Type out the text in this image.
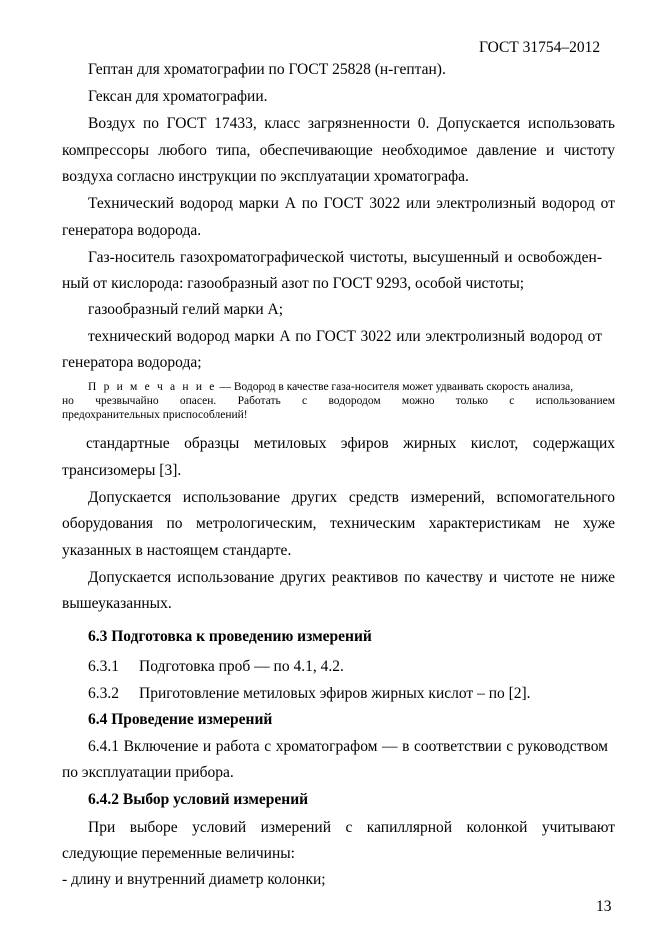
ГОСТ 31754–2012
Гептан для хроматографии по ГОСТ 25828 (н-гептан).
Гексан для хроматографии.
Воздух по ГОСТ 17433, класс загрязненности 0. Допускается использовать
компрессоры любого типа, обеспечивающие необходимое давление и чистоту
воздуха согласно инструкции по эксплуатации хроматографа.
Технический водород марки А по ГОСТ 3022 или электролизный водород от
генератора водорода.
Газ-носитель газохроматографической чистоты, высушенный и освобожден-
ный от кислорода: газообразный азот по ГОСТ 9293, особой чистоты;
газообразный гелий марки А;
технический водород марки А по ГОСТ 3022 или электролизный водород от
генератора водорода;
П р и м е ч а н и е — Водород в качестве газа-носителя может удваивать скорость анализа,
но чрезвычайно опасен. Работать с водородом можно только с использованием
предохранительных приспособлений!
стандартные образцы метиловых эфиров жирных кислот, содержащих
трансизомеры [3].
Допускается использование других средств измерений, вспомогательного
оборудования по метрологическим, техническим характеристикам не хуже
указанных в настоящем стандарте.
Допускается использование других реактивов по качеству и чистоте не ниже
вышеуказанных.
6.3 Подготовка к проведению измерений
6.3.1 Подготовка проб — по 4.1, 4.2.
6.3.2 Приготовление метиловых эфиров жирных кислот – по [2].
6.4 Проведение измерений
6.4.1 Включение и работа с хроматографом — в соответствии с руководством
по эксплуатации прибора.
6.4.2 Выбор условий измерений
При выборе условий измерений с капиллярной колонкой учитывают
следующие переменные величины:
- длину и внутренний диаметр колонки;
13
